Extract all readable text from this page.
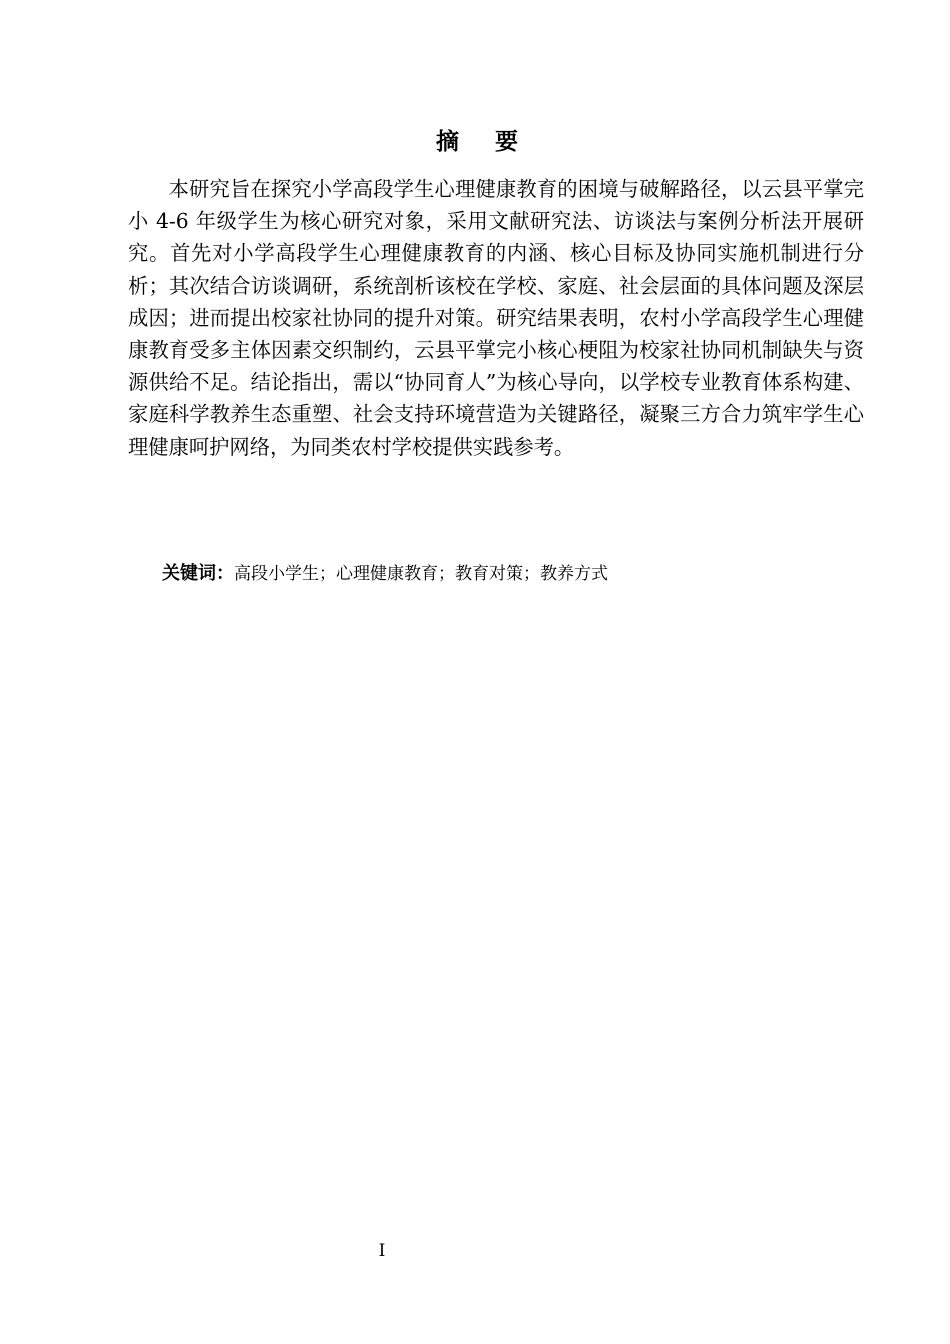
摘要

本研究旨在探究小学高段学生心理健康教育的困境与破解路径，以云县平掌完小 4-6 年级学生为核心研究对象，采用文献研究法、访谈法与案例分析法开展研究。首先对小学高段学生心理健康教育的内涵、核心目标及协同实施机制进行分析；其次结合访谈调研，系统剖析该校在学校、家庭、社会层面的具体问题及深层成因；进而提出校家社协同的提升对策。研究结果表明，农村小学高段学生心理健康教育受多主体因素交织制约，云县平掌完小核心梗阻为校家社协同机制缺失与资源供给不足。结论指出，需以“协同育人”为核心导向，以学校专业教育体系构建、家庭科学教养生态重塑、社会支持环境营造为关键路径，凝聚三方合力筑牢学生心理健康呵护网络，为同类农村学校提供实践参考。

关键词：高段小学生；心理健康教育；教育对策；教养方式
I
